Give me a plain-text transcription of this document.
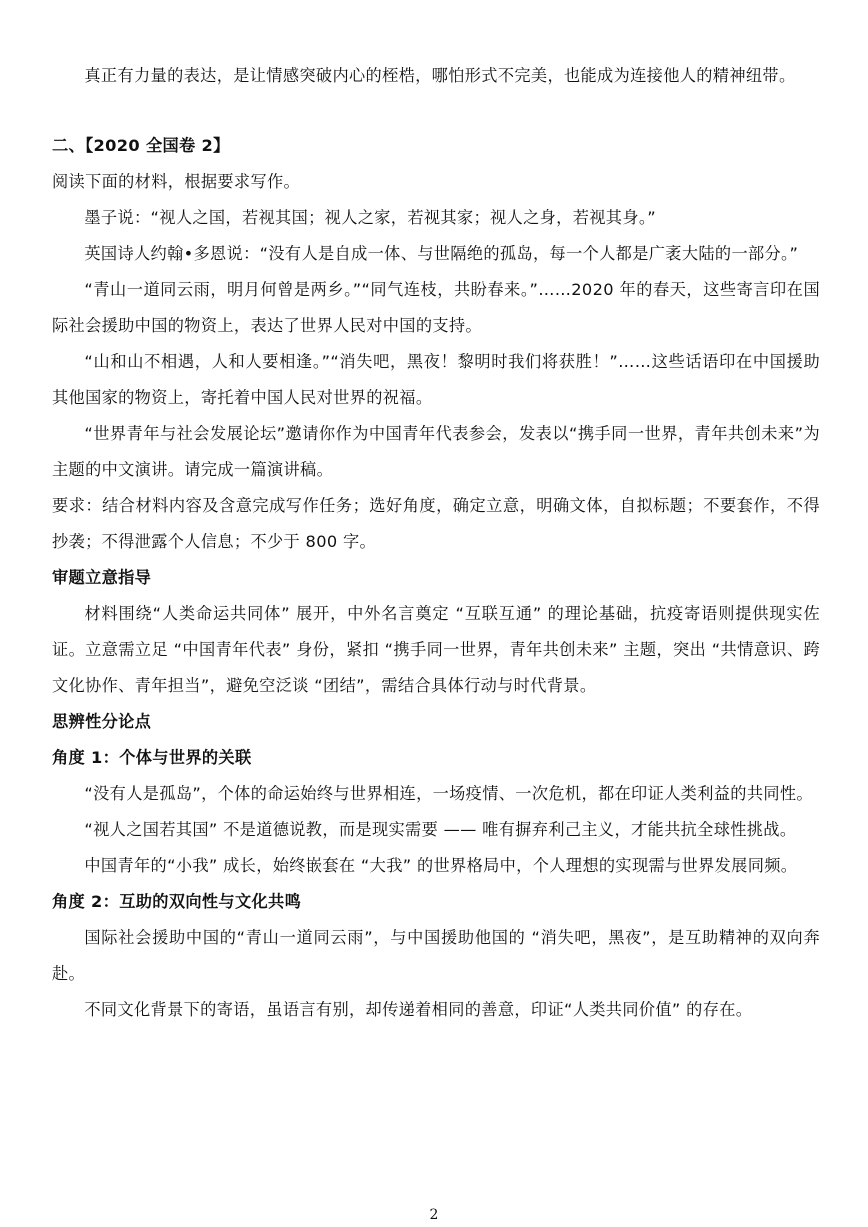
真正有力量的表达，是让情感突破内心的桎梏，哪怕形式不完美，也能成为连接他人的精神纽带。

二、【2020 全国卷 2】

阅读下面的材料，根据要求写作。

墨子说：“视人之国，若视其国；视人之家，若视其家；视人之身，若视其身。”

英国诗人约翰•多恩说：“没有人是自成一体、与世隔绝的孤岛，每一个人都是广袤大陆的一部分。”

“青山一道同云雨，明月何曾是两乡。”“同气连枝，共盼春来。”……2020 年的春天，这些寄言印在国际社会援助中国的物资上，表达了世界人民对中国的支持。

“山和山不相遇，人和人要相逢。”“消失吧，黑夜！黎明时我们将获胜！”……这些话语印在中国援助其他国家的物资上，寄托着中国人民对世界的祝福。

“世界青年与社会发展论坛”邀请你作为中国青年代表参会，发表以“携手同一世界，青年共创未来”为主题的中文演讲。请完成一篇演讲稿。

要求：结合材料内容及含意完成写作任务；选好角度，确定立意，明确文体，自拟标题；不要套作，不得抄袭；不得泄露个人信息；不少于 800 字。

审题立意指导

材料围绕“人类命运共同体” 展开，中外名言奠定 “互联互通” 的理论基础，抗疫寄语则提供现实佐证。立意需立足 “中国青年代表” 身份，紧扣 “携手同一世界，青年共创未来” 主题，突出 “共情意识、跨文化协作、青年担当”，避免空泛谈 “团结”，需结合具体行动与时代背景。

思辨性分论点

角度 1：个体与世界的关联

“没有人是孤岛”，个体的命运始终与世界相连，一场疫情、一次危机，都在印证人类利益的共同性。

“视人之国若其国” 不是道德说教，而是现实需要 —— 唯有摒弃利己主义，才能共抗全球性挑战。

中国青年的“小我” 成长，始终嵌套在 “大我” 的世界格局中，个人理想的实现需与世界发展同频。

角度 2：互助的双向性与文化共鸣

国际社会援助中国的“青山一道同云雨”，与中国援助他国的 “消失吧，黑夜”，是互助精神的双向奔赴。

不同文化背景下的寄语，虽语言有别，却传递着相同的善意，印证“人类共同价值” 的存在。

2
